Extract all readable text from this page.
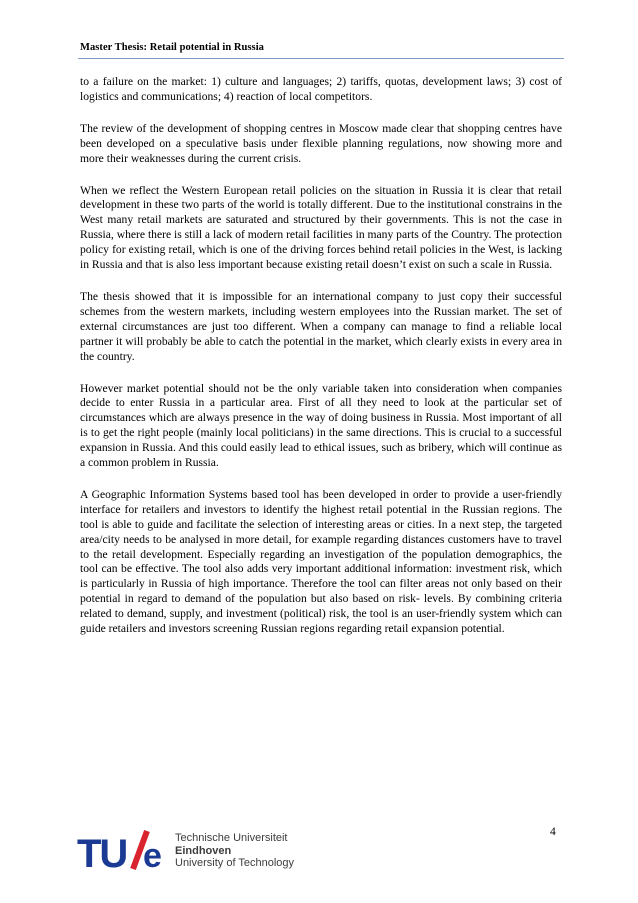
Master Thesis: Retail potential in Russia

to a failure on the market: 1) culture and languages; 2) tariffs, quotas, development laws; 3) cost of logistics and communications; 4) reaction of local competitors.

The review of the development of shopping centres in Moscow made clear that shopping centres have been developed on a speculative basis under flexible planning regulations, now showing more and more their weaknesses during the current crisis.

When we reflect the Western European retail policies on the situation in Russia it is clear that retail development in these two parts of the world is totally different. Due to the institutional constrains in the West many retail markets are saturated and structured by their governments. This is not the case in Russia, where there is still a lack of modern retail facilities in many parts of the Country. The protection policy for existing retail, which is one of the driving forces behind retail policies in the West, is lacking in Russia and that is also less important because existing retail doesn’t exist on such a scale in Russia.

The thesis showed that it is impossible for an international company to just copy their successful schemes from the western markets, including western employees into the Russian market. The set of external circumstances are just too different. When a company can manage to find a reliable local partner it will probably be able to catch the potential in the market, which clearly exists in every area in the country.

However market potential should not be the only variable taken into consideration when companies decide to enter Russia in a particular area. First of all they need to look at the particular set of circumstances which are always presence in the way of doing business in Russia. Most important of all is to get the right people (mainly local politicians) in the same directions. This is crucial to a successful expansion in Russia. And this could easily lead to ethical issues, such as bribery, which will continue as a common problem in Russia.

A Geographic Information Systems based tool has been developed in order to provide a user-friendly interface for retailers and investors to identify the highest retail potential in the Russian regions. The tool is able to guide and facilitate the selection of interesting areas or cities. In a next step, the targeted area/city needs to be analysed in more detail, for example regarding distances customers have to travel to the retail development. Especially regarding an investigation of the population demographics, the tool can be effective. The tool also adds very important additional information: investment risk, which is particularly in Russia of high importance. Therefore the tool can filter areas not only based on their potential in regard to demand of the population but also based on risk- levels. By combining criteria related to demand, supply, and investment (political) risk, the tool is an user-friendly system which can guide retailers and investors screening Russian regions regarding retail expansion potential.

4
TU e Technische Universiteit
Eindhoven
University of Technology
